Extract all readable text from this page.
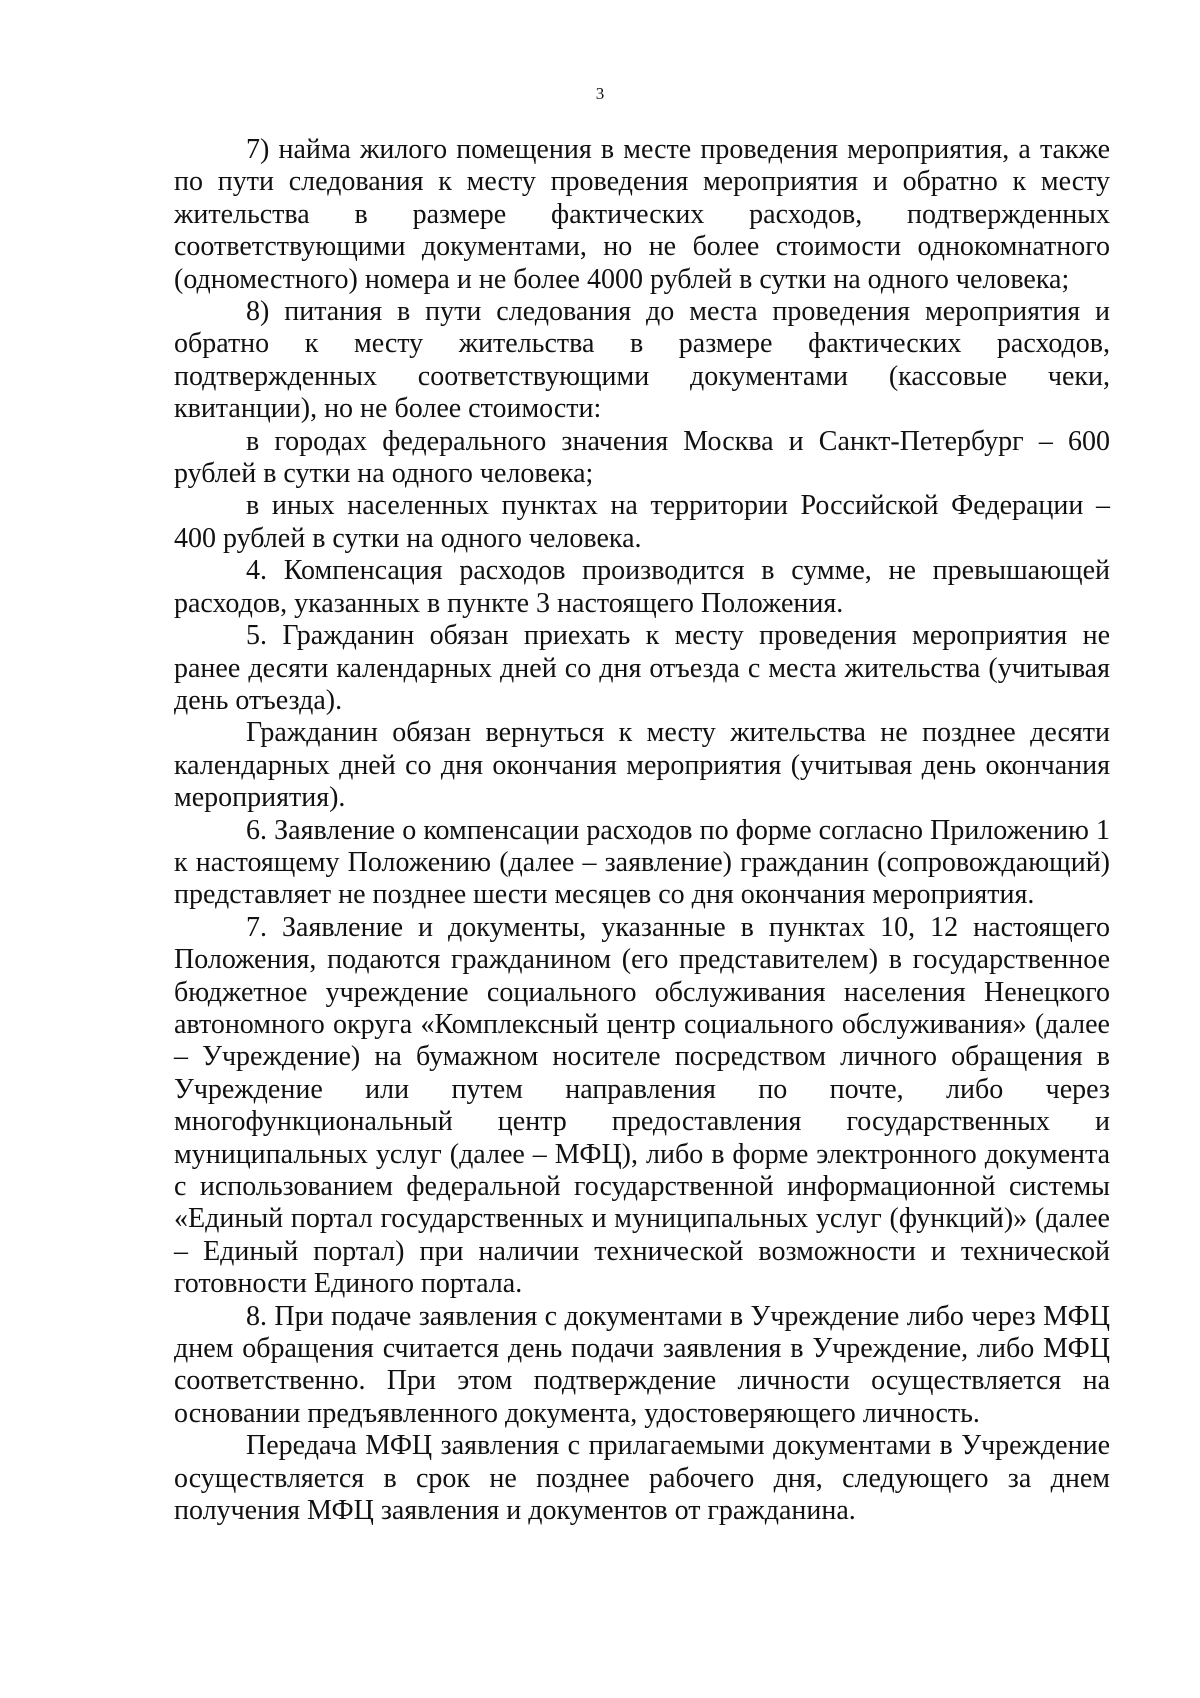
3

7) найма жилого помещения в месте проведения мероприятия, а также по пути следования к месту проведения мероприятия и обратно к месту жительства в размере фактических расходов, подтвержденных соответствующими документами, но не более стоимости однокомнатного (одноместного) номера и не более 4000 рублей в сутки на одного человека;

8) питания в пути следования до места проведения мероприятия и обратно к месту жительства в размере фактических расходов, подтвержденных соответствующими документами (кассовые чеки, квитанции), но не более стоимости:

в городах федерального значения Москва и Санкт-Петербург – 600 рублей в сутки на одного человека;

в иных населенных пунктах на территории Российской Федерации – 400 рублей в сутки на одного человека.

4. Компенсация расходов производится в сумме, не превышающей расходов, указанных в пункте 3 настоящего Положения.

5. Гражданин обязан приехать к месту проведения мероприятия не ранее десяти календарных дней со дня отъезда с места жительства (учитывая день отъезда).

Гражданин обязан вернуться к месту жительства не позднее десяти календарных дней со дня окончания мероприятия (учитывая день окончания мероприятия).

6. Заявление о компенсации расходов по форме согласно Приложению 1 к настоящему Положению (далее – заявление) гражданин (сопровождающий) представляет не позднее шести месяцев со дня окончания мероприятия.

7. Заявление и документы, указанные в пунктах 10, 12 настоящего Положения, подаются гражданином (его представителем) в государственное бюджетное учреждение социального обслуживания населения Ненецкого автономного округа «Комплексный центр социального обслуживания» (далее – Учреждение) на бумажном носителе посредством личного обращения в Учреждение или путем направления по почте, либо через многофункциональный центр предоставления государственных и муниципальных услуг (далее – МФЦ), либо в форме электронного документа с использованием федеральной государственной информационной системы «Единый портал государственных и муниципальных услуг (функций)» (далее – Единый портал) при наличии технической возможности и технической готовности Единого портала.

8. При подаче заявления с документами в Учреждение либо через МФЦ днем обращения считается день подачи заявления в Учреждение, либо МФЦ соответственно. При этом подтверждение личности осуществляется на основании предъявленного документа, удостоверяющего личность.

Передача МФЦ заявления с прилагаемыми документами в Учреждение осуществляется в срок не позднее рабочего дня, следующего за днем получения МФЦ заявления и документов от гражданина.
